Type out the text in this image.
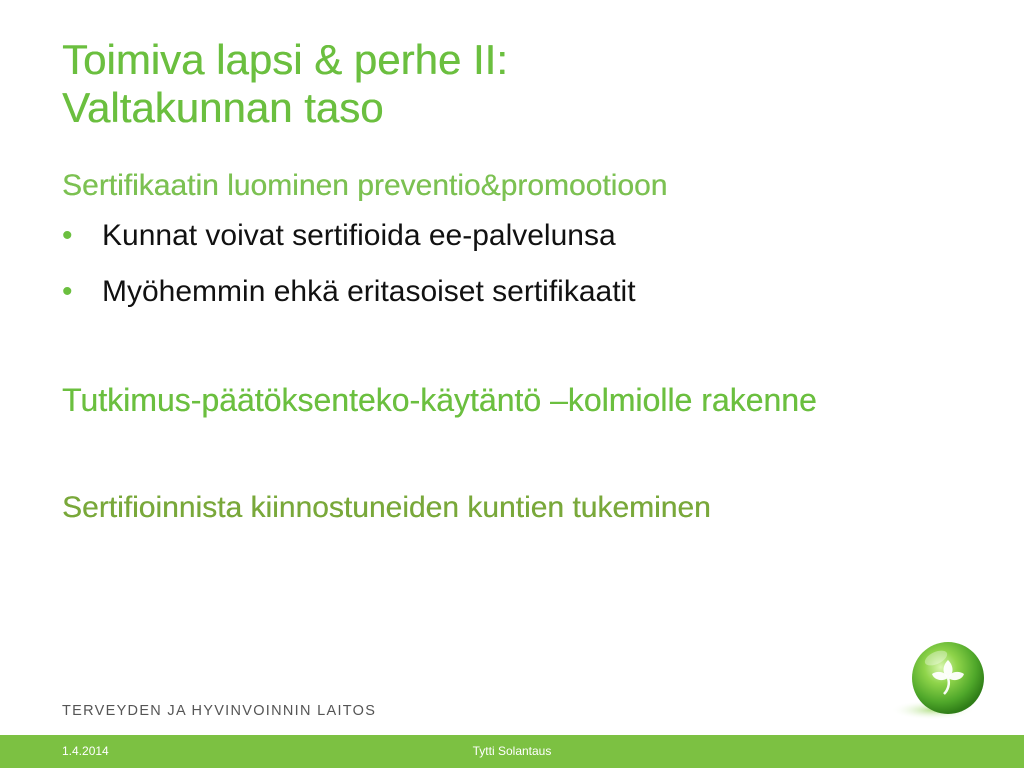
Toimiva lapsi & perhe II:
Valtakunnan taso

Sertifikaatin luominen preventio&promootioon

• Kunnat voivat sertifioida ee-palvelunsa
• Myöhemmin ehkä eritasoiset sertifikaatit

Tutkimus-päätöksenteko-käytäntö –kolmiolle rakenne

Sertifioinnista kiinnostuneiden kuntien tukeminen

TERVEYDEN JA HYVINVOINNIN LAITOS
1.4.2014	Tytti Solantaus
